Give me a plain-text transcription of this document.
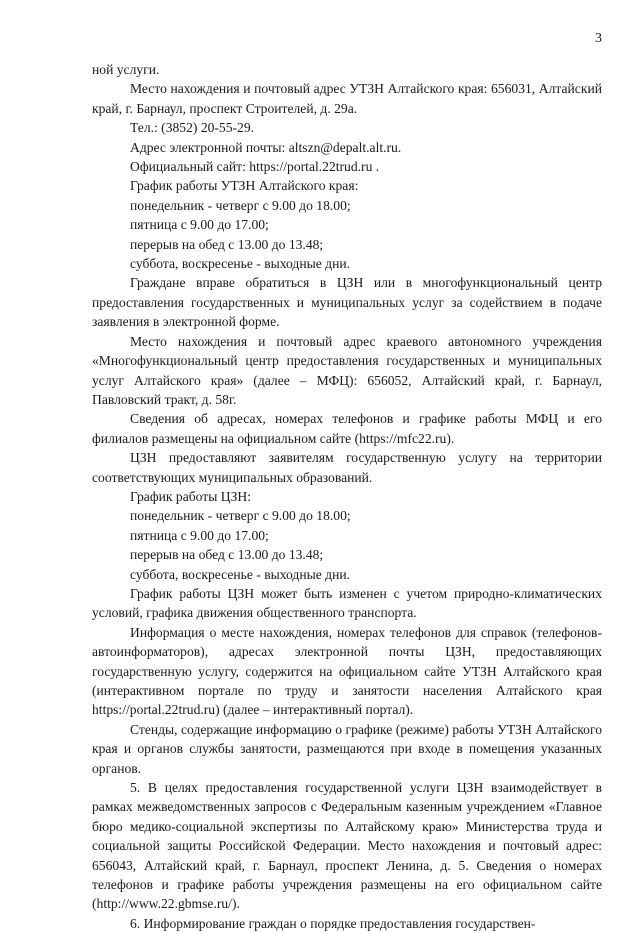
3

ной услуги.

Место нахождения и почтовый адрес УТЗН Алтайского края: 656031, Алтайский край, г. Барнаул, проспект Строителей, д. 29а.

Тел.: (3852) 20-55-29.
Адрес электронной почты: altszn@depalt.alt.ru.
Официальный сайт: https://portal.22trud.ru .
График работы УТЗН Алтайского края:
понедельник - четверг с 9.00 до 18.00;
пятница с 9.00 до 17.00;
перерыв на обед с 13.00 до 13.48;
суббота, воскресенье - выходные дни.

Граждане вправе обратиться в ЦЗН или в многофункциональный центр предоставления государственных и муниципальных услуг за содействием в подаче заявления в электронной форме.

Место нахождения и почтовый адрес краевого автономного учреждения «Многофункциональный центр предоставления государственных и муниципальных услуг Алтайского края» (далее – МФЦ): 656052, Алтайский край, г. Барнаул, Павловский тракт, д. 58г.

Сведения об адресах, номерах телефонов и графике работы МФЦ и его филиалов размещены на официальном сайте (https://mfc22.ru).

ЦЗН предоставляют заявителям государственную услугу на территории соответствующих муниципальных образований.

График работы ЦЗН:
понедельник - четверг с 9.00 до 18.00;
пятница с 9.00 до 17.00;
перерыв на обед с 13.00 до 13.48;
суббота, воскресенье - выходные дни.

График работы ЦЗН может быть изменен с учетом природно-климатических условий, графика движения общественного транспорта.

Информация о месте нахождения, номерах телефонов для справок (телефонов-автоинформаторов), адресах электронной почты ЦЗН, предоставляющих государственную услугу, содержится на официальном сайте УТЗН Алтайского края (интерактивном портале по труду и занятости населения Алтайского края https://portal.22trud.ru) (далее – интерактивный портал).

Стенды, содержащие информацию о графике (режиме) работы УТЗН Алтайского края и органов службы занятости, размещаются при входе в помещения указанных органов.

5. В целях предоставления государственной услуги ЦЗН взаимодействует в рамках межведомственных запросов с Федеральным казенным учреждением «Главное бюро медико-социальной экспертизы по Алтайскому краю» Министерства труда и социальной защиты Российской Федерации. Место нахождения и почтовый адрес: 656043, Алтайский край, г. Барнаул, проспект Ленина, д. 5. Сведения о номерах телефонов и графике работы учреждения размещены на его официальном сайте (http://www.22.gbmse.ru/).

6. Информирование граждан о порядке предоставления государствен-
